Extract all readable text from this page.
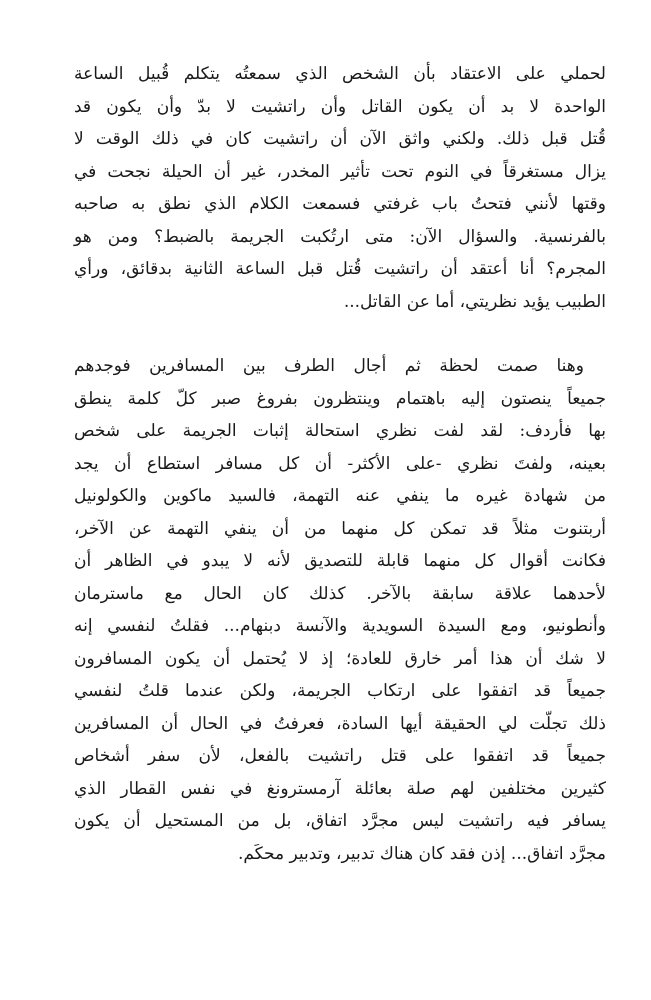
لحملي على الاعتقاد بأن الشخص الذي سمعتُه يتكلم قُبيل الساعة
الواحدة لا بد أن يكون القاتل وأن راتشيت لا بدّ وأن يكون قد
قُتل قبل ذلك. ولكني واثق الآن أن راتشيت كان في ذلك الوقت لا
يزال مستغرقاً في النوم تحت تأثير المخدر، غير أن الحيلة نجحت في
وقتها لأنني فتحتُ باب غرفتي فسمعت الكلام الذي نطق به صاحبه
بالفرنسية. والسؤال الآن: متى ارتُكبت الجريمة بالضبط؟ ومن هو
المجرم؟ أنا أعتقد أن راتشيت قُتل قبل الساعة الثانية بدقائق، ورأي
الطبيب يؤيد نظريتي، أما عن القاتل...
وهنا صمت لحظة ثم أجال الطرف بين المسافرين فوجدهم
جميعاً ينصتون إليه باهتمام وينتظرون بفروغ صبر كلّ كلمة ينطق
بها فأردف: لقد لفت نظري استحالة إثبات الجريمة على شخص
بعينه، ولفتَ نظري -على الأكثر- أن كل مسافر استطاع أن يجد
من شهادة غيره ما ينفي عنه التهمة، فالسيد ماكوين والكولونيل
أربتنوت مثلاً قد تمكن كل منهما من أن ينفي التهمة عن الآخر،
فكانت أقوال كل منهما قابلة للتصديق لأنه لا يبدو في الظاهر أن
لأحدهما علاقة سابقة بالآخر. كذلك كان الحال مع ماسترمان
وأنطونيو، ومع السيدة السويدية والآنسة دبنهام... فقلتُ لنفسي إنه
لا شك أن هذا أمر خارق للعادة؛ إذ لا يُحتمل أن يكون المسافرون
جميعاً قد اتفقوا على ارتكاب الجريمة، ولكن عندما قلتُ لنفسي
ذلك تجلّت لي الحقيقة أيها السادة، فعرفتُ في الحال أن المسافرين
جميعاً قد اتفقوا على قتل راتشيت بالفعل، لأن سفر أشخاص
كثيرين مختلفين لهم صلة بعائلة آرمسترونغ في نفس القطار الذي
يسافر فيه راتشيت ليس مجرَّد اتفاق، بل من المستحيل أن يكون
مجرَّد اتفاق... إذن فقد كان هناك تدبير، وتدبير محكَم.
